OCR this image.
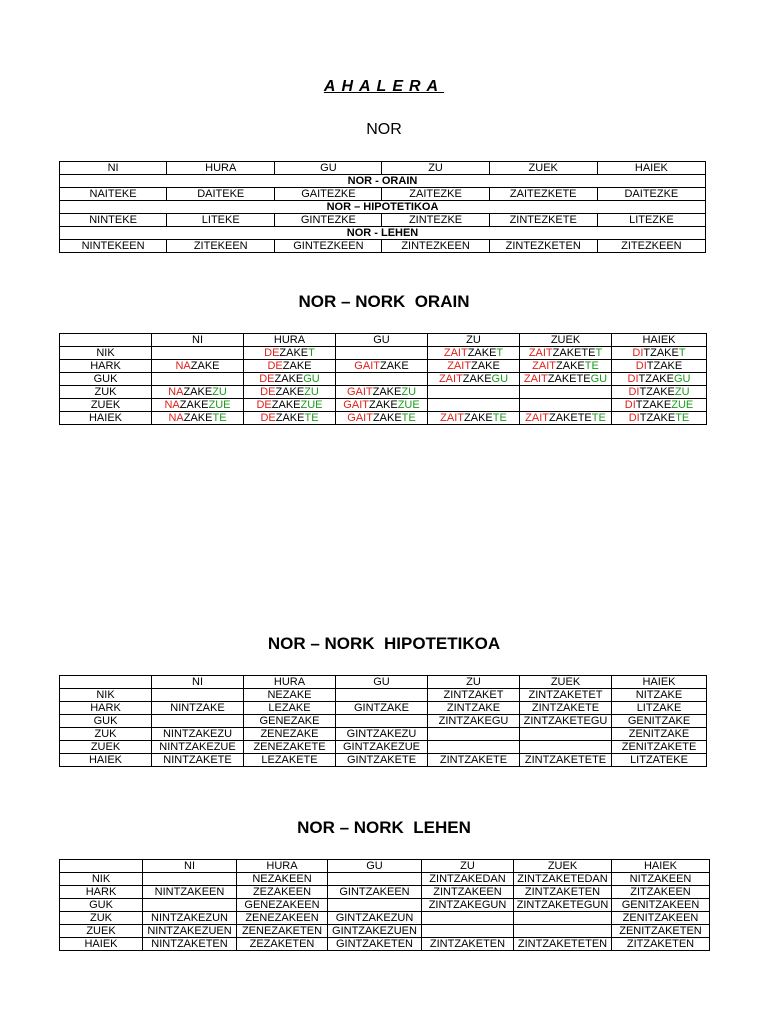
AHALERA
NOR
NI	HURA	GU	ZU	ZUEK	HAIEK
NOR - ORAIN					
NAITEKE	DAITEKE	GAITEZKE	ZAITEZKE	ZAITEZKETE	DAITEZKE
NOR – HIPOTETIKOA					
NINTEKE	LITEKE	GINTEZKE	ZINTEZKE	ZINTEZKETE	LITEZKE
NOR - LEHEN					
NINTEKEEN	ZITEKEEN	GINTEZKEEN	ZINTEZKEEN	ZINTEZKETEN	ZITEZKEEN
NOR – NORK  ORAIN
	NI	HURA	GU	ZU	ZUEK	HAIEK
NIK		DEZAKET		ZAITZAKET	ZAITZAKETET	DITZAKET
HARK	NAZAKE	DEZAKE	GAITZAKE	ZAITZAKE	ZAITZAKETE	DITZAKE
GUK		DEZAKEGU		ZAITZAKEGU	ZAITZAKETEGU	DITZAKEGU
ZUK	NAZAKEZU	DEZAKEZU	GAITZAKEZU			DITZAKEZU
ZUEK	NAZAKEZUE	DEZAKEZUE	GAITZAKEZUE			DITZAKEZUE
HAIEK	NAZAKETE	DEZAKETE	GAITZAKETE	ZAITZAKETE	ZAITZAKETETE	DITZAKETE
NOR – NORK  HIPOTETIKOA
	NI	HURA	GU	ZU	ZUEK	HAIEK
NIK		NEZAKE		ZINTZAKET	ZINTZAKETET	NITZAKE
HARK	NINTZAKE	LEZAKE	GINTZAKE	ZINTZAKE	ZINTZAKETE	LITZAKE
GUK		GENEZAKE		ZINTZAKEGU	ZINTZAKETEGU	GENITZAKE
ZUK	NINTZAKEZU	ZENEZAKE	GINTZAKEZU			ZENITZAKE
ZUEK	NINTZAKEZUE	ZENEZAKETE	GINTZAKEZUE			ZENITZAKETE
HAIEK	NINTZAKETE	LEZAKETE	GINTZAKETE	ZINTZAKETE	ZINTZAKETETE	LITZATEKE
NOR – NORK  LEHEN
	NI	HURA	GU	ZU	ZUEK	HAIEK
NIK		NEZAKEEN		ZINTZAKEDAN	ZINTZAKETEDAN	NITZAKEEN
HARK	NINTZAKEEN	ZEZAKEEN	GINTZAKEEN	ZINTZAKEEN	ZINTZAKETEN	ZITZAKEEN
GUK		GENEZAKEEN		ZINTZAKEGUN	ZINTZAKETEGUN	GENITZAKEEN
ZUK	NINTZAKEZUN	ZENEZAKEEN	GINTZAKEZUN			ZENITZAKEEN
ZUEK	NINTZAKEZUEN	ZENEZAKETEN	GINTZAKEZUEN			ZENITZAKETEN
HAIEK	NINTZAKETEN	ZEZAKETEN	GINTZAKETEN	ZINTZAKETEN	ZINTZAKETETEN	ZITZAKETEN
